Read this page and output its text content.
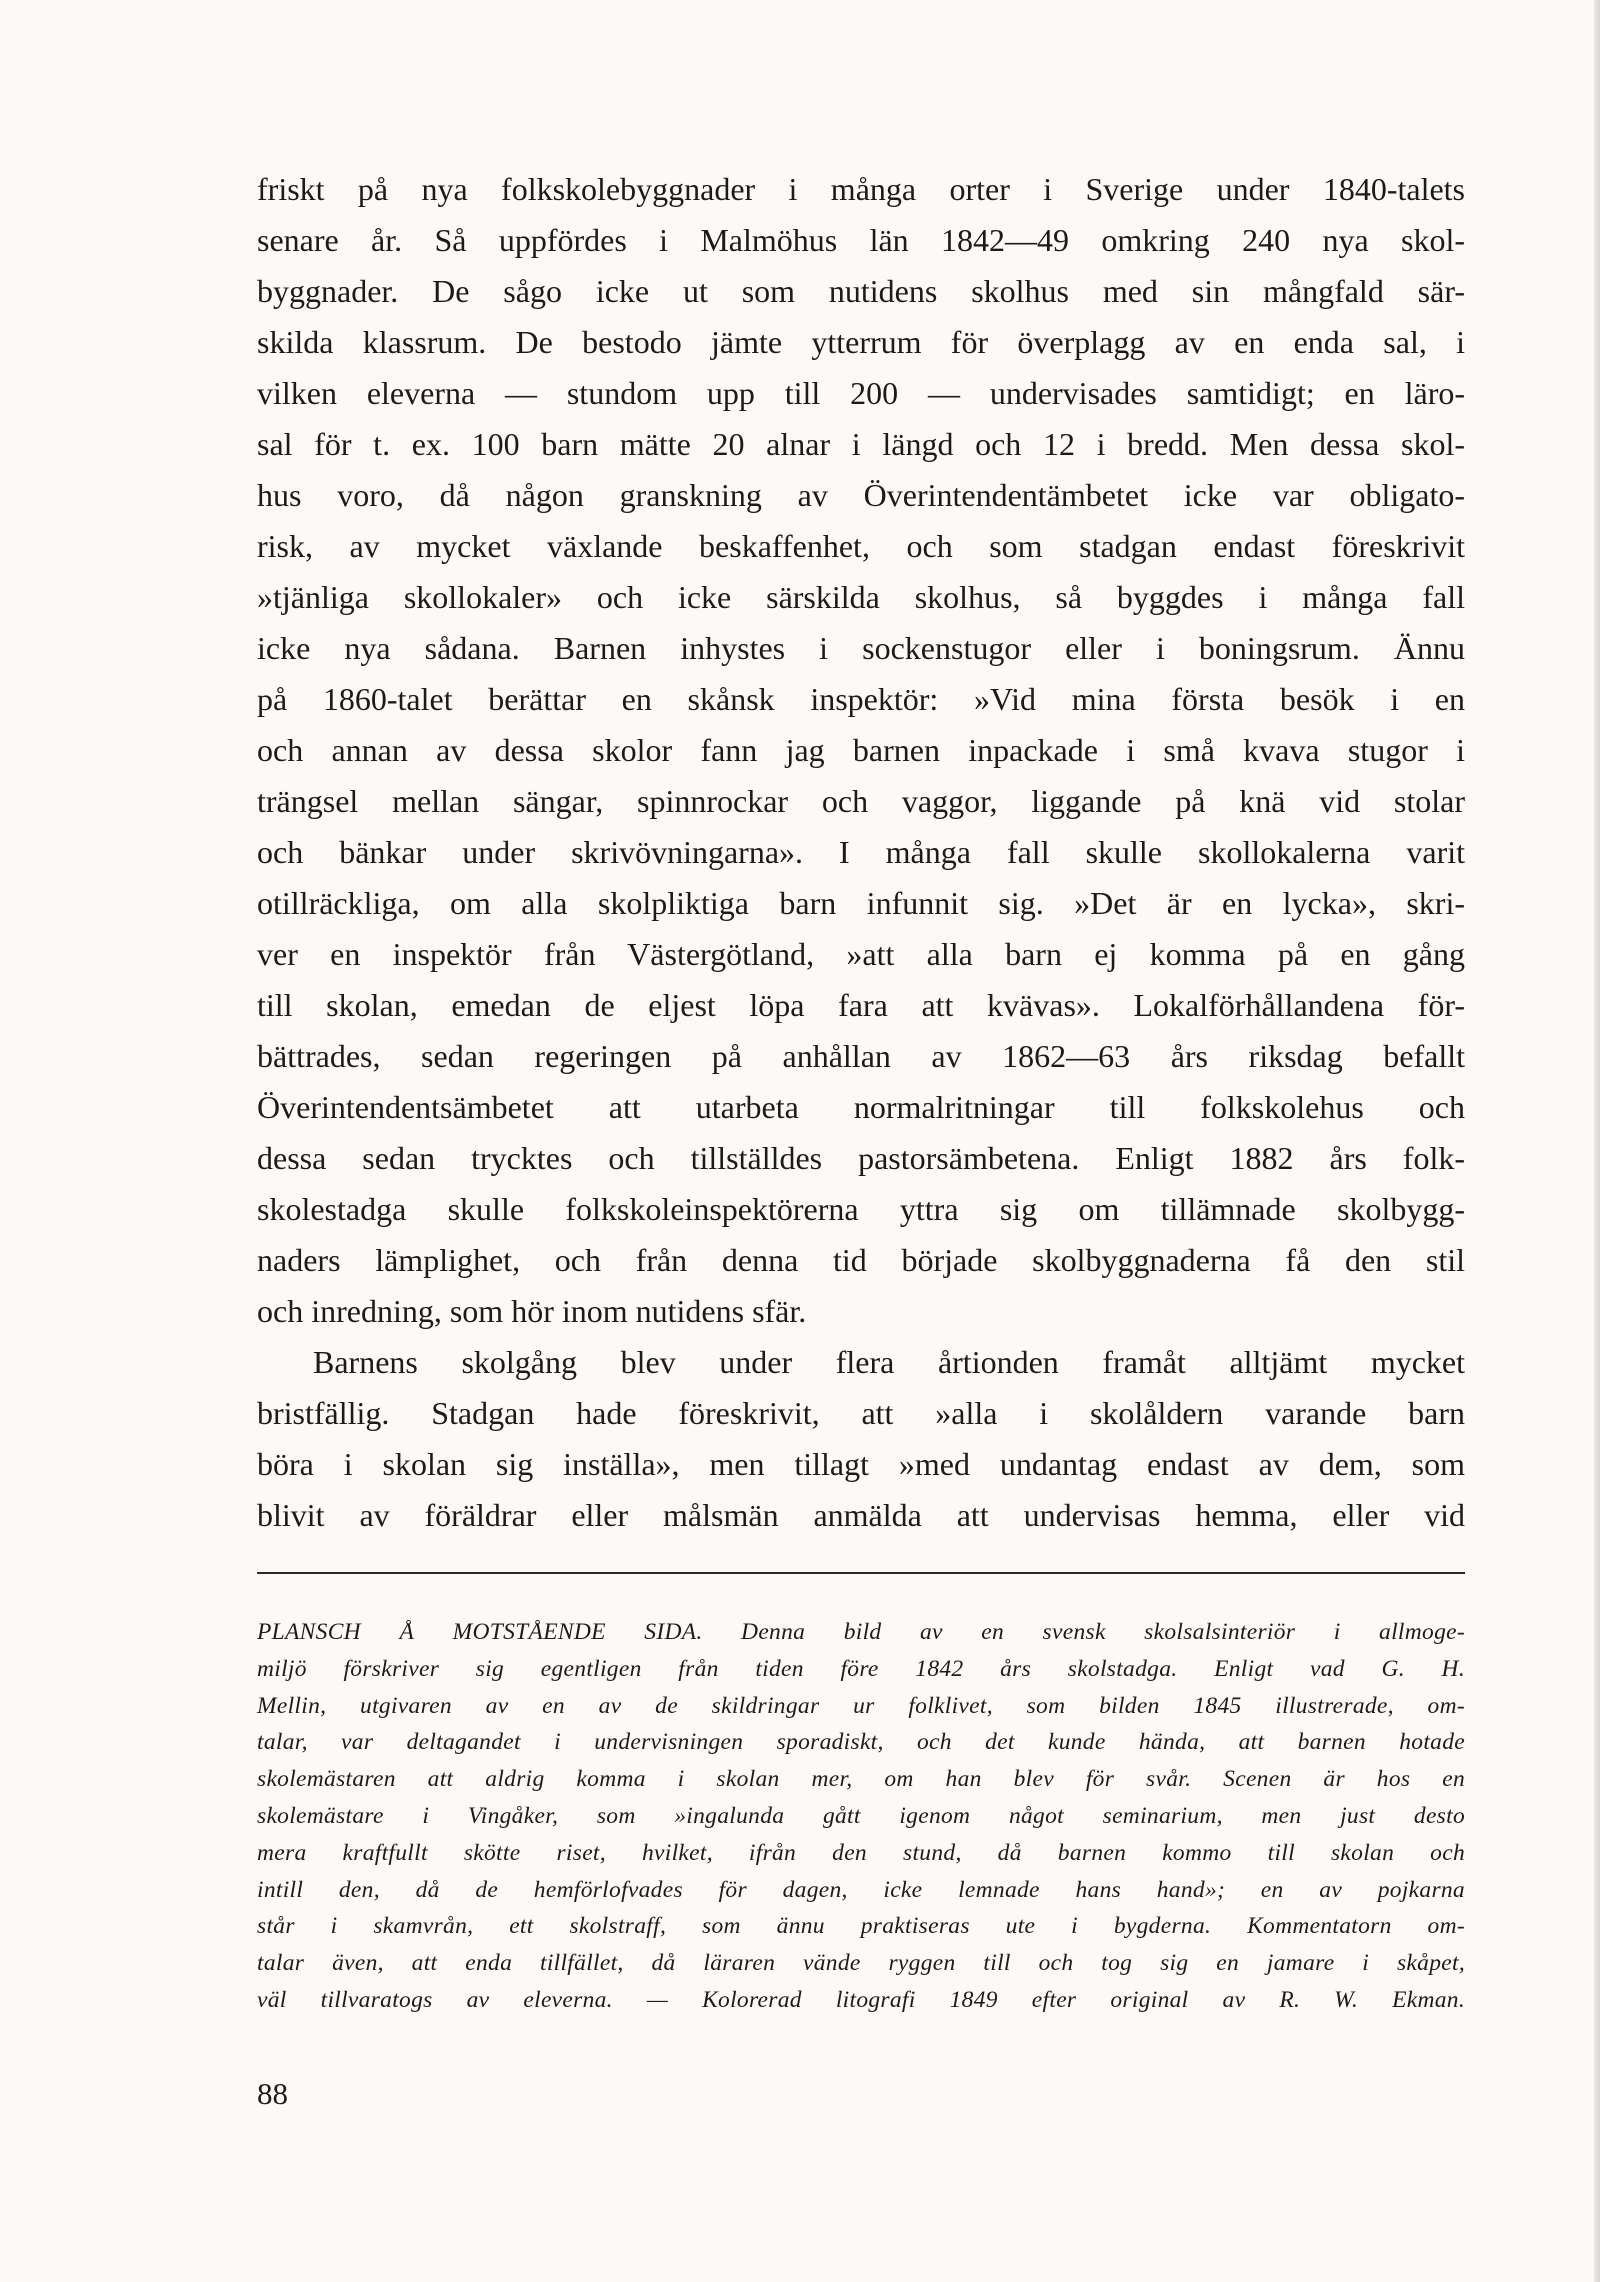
friskt på nya folkskolebyggnader i många orter i Sverige under 1840-talets
senare år. Så uppfördes i Malmöhus län 1842—49 omkring 240 nya skol-
byggnader. De sågo icke ut som nutidens skolhus med sin mångfald sär-
skilda klassrum. De bestodo jämte ytterrum för överplagg av en enda sal, i
vilken eleverna — stundom upp till 200 — undervisades samtidigt; en lärо-
sal för t. ex. 100 barn mätte 20 alnar i längd och 12 i bredd. Men dessa skol-
hus voro, då någon granskning av Överintendentämbetet icke var obligato-
risk, av mycket växlande beskaffenhet, och som stadgan endast föreskrivit
»tjänliga skollokaler» och icke särskilda skolhus, så byggdes i många fall
icke nya sådana. Barnen inhystes i sockenstugor eller i boningsrum. Ännu
på 1860-talet berättar en skånsk inspektör: »Vid mina första besök i en
och annan av dessa skolor fann jag barnen inpackade i små kvava stugor i
trängsel mellan sängar, spinnrockar och vaggor, liggande på knä vid stolar
och bänkar under skrivövningarna». I många fall skulle skollokalerna varit
otillräckliga, om alla skolpliktiga barn infunnit sig. »Det är en lycka», skri-
ver en inspektör från Västergötland, »att alla barn ej komma på en gång
till skolan, emedan de eljest löpa fara att kvävas». Lokalförhållandena för-
bättrades, sedan regeringen på anhållan av 1862—63 års riksdag befallt
Överintendentsämbetet att utarbeta normalritningar till folkskolehus och
dessa sedan trycktes och tillställdes pastorsämbetena. Enligt 1882 års folk-
skolestadga skulle folkskoleinspektörerna yttra sig om tillämnade skolbygg-
naders lämplighet, och från denna tid började skolbyggnaderna få den stil
och inredning, som hör inom nutidens sfär.
Barnens skolgång blev under flera årtionden framåt alltjämt mycket
bristfällig. Stadgan hade föreskrivit, att »alla i skolåldern varande barn
böra i skolan sig inställa», men tillagt »med undantag endast av dem, som
blivit av föräldrar eller målsmän anmälda att undervisas hemma, eller vid
PLANSCH Å MOTSTÅENDE SIDA. Denna bild av en svensk skolsalsinteriör i allmoge-
miljö förskriver sig egentligen från tiden före 1842 års skolstadga. Enligt vad G. H.
Mellin, utgivaren av en av de skildringar ur folklivet, som bilden 1845 illustrerade, om-
talar, var deltagandet i undervisningen sporadiskt, och det kunde hända, att barnen hotade
skolemästaren att aldrig komma i skolan mer, om han blev för svår. Scenen är hos en
skolemästare i Vingåker, som »ingalunda gått igenom något seminarium, men just desto
mera kraftfullt skötte riset, hvilket, ifrån den stund, då barnen kommo till skolan och
intill den, då de hemförlofvades för dagen, icke lemnade hans hand»; en av pojkarna
står i skamvrån, ett skolstraff, som ännu praktiseras ute i bygderna. Kommentatorn om-
talar även, att enda tillfället, då läraren vände ryggen till och tog sig en jamare i skåpet,
väl tillvaratogs av eleverna. — Kolorerad litografi 1849 efter original av R. W. Ekman.
88
